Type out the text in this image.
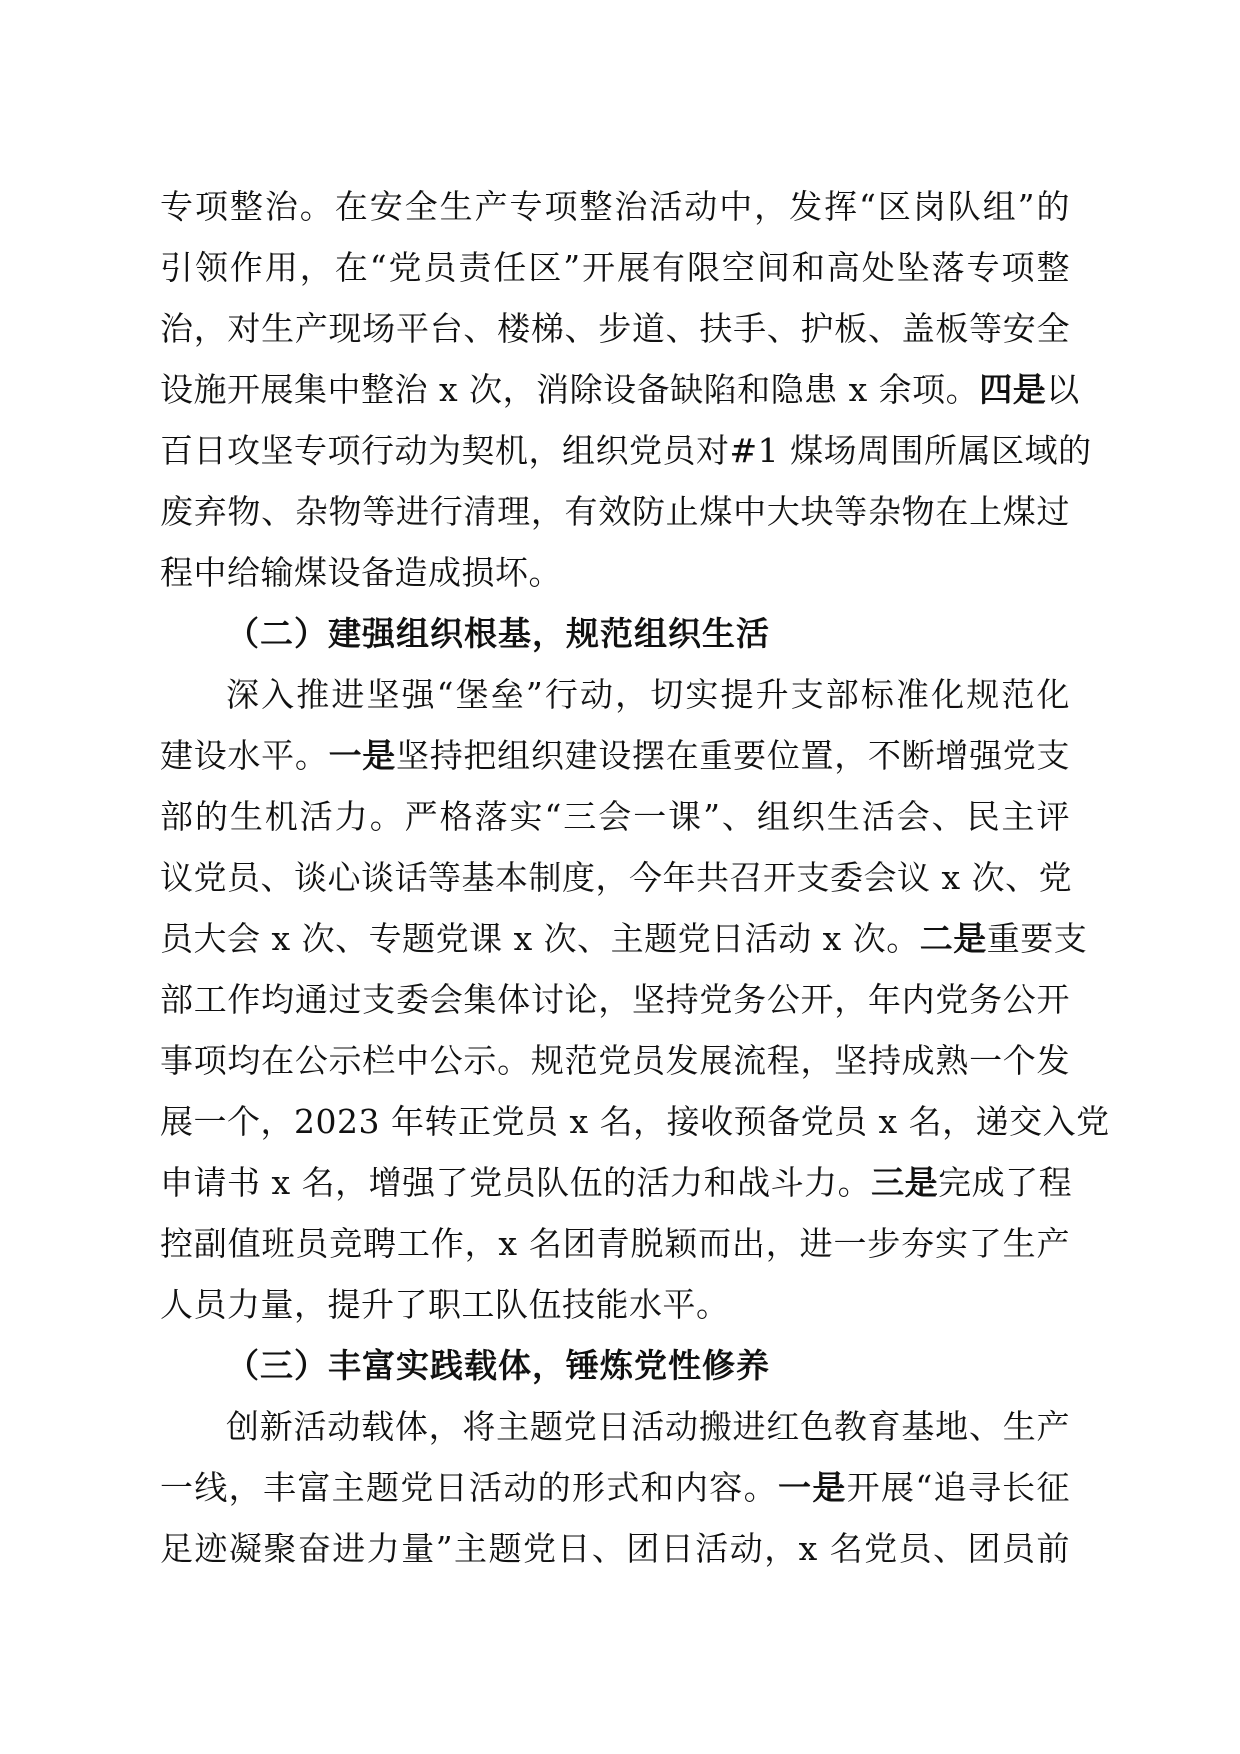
专项整治。在安全生产专项整治活动中，发挥“区岗队组”的
引领作用，在“党员责任区”开展有限空间和高处坠落专项整
治，对生产现场平台、楼梯、步道、扶手、护板、盖板等安全
设施开展集中整治 x 次，消除设备缺陷和隐患 x 余项。四是以
百日攻坚专项行动为契机，组织党员对#1 煤场周围所属区域的
废弃物、杂物等进行清理，有效防止煤中大块等杂物在上煤过
程中给输煤设备造成损坏。
（二）建强组织根基，规范组织生活
深入推进坚强“堡垒”行动，切实提升支部标准化规范化
建设水平。一是坚持把组织建设摆在重要位置，不断增强党支
部的生机活力。严格落实“三会一课”、组织生活会、民主评
议党员、谈心谈话等基本制度，今年共召开支委会议 x 次、党
员大会 x 次、专题党课 x 次、主题党日活动 x 次。二是重要支
部工作均通过支委会集体讨论，坚持党务公开，年内党务公开
事项均在公示栏中公示。规范党员发展流程，坚持成熟一个发
展一个，2023 年转正党员 x 名，接收预备党员 x 名，递交入党
申请书 x 名，增强了党员队伍的活力和战斗力。三是完成了程
控副值班员竞聘工作，x 名团青脱颖而出，进一步夯实了生产
人员力量，提升了职工队伍技能水平。
（三）丰富实践载体，锤炼党性修养
创新活动载体，将主题党日活动搬进红色教育基地、生产
一线，丰富主题党日活动的形式和内容。一是开展“追寻长征
足迹凝聚奋进力量”主题党日、团日活动，x 名党员、团员前
